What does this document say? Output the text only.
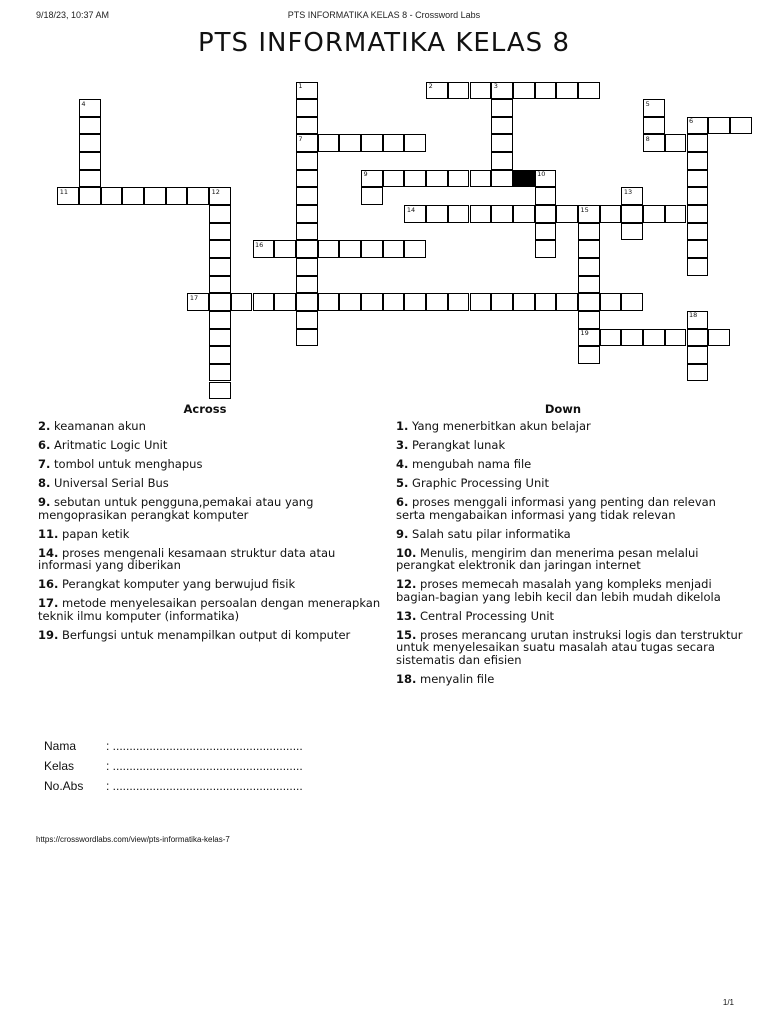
9/18/23, 10:37 AM	PTS INFORMATIKA KELAS 8 - Crossword Labs
PTS INFORMATIKA KELAS 8
1	2	3
4	5
6
7	8
9	10
11	12	13
14	15
16
17
18
19
Across	Down
2. keamanan akun
6. Aritmatic Logic Unit
7. tombol untuk menghapus
8. Universal Serial Bus
9. sebutan untuk pengguna,pemakai atau yang mengoprasikan perangkat komputer
11. papan ketik
14. proses mengenali kesamaan struktur data atau informasi yang diberikan
16. Perangkat komputer yang berwujud fisik
17. metode menyelesaikan persoalan dengan menerapkan teknik ilmu komputer (informatika)
19. Berfungsi untuk menampilkan output di komputer
1. Yang menerbitkan akun belajar
3. Perangkat lunak
4. mengubah nama file
5. Graphic Processing Unit
6. proses menggali informasi yang penting dan relevan serta mengabaikan informasi yang tidak relevan
9. Salah satu pilar informatika
10. Menulis, mengirim dan menerima pesan melalui perangkat elektronik dan jaringan internet
12. proses memecah masalah yang kompleks menjadi bagian-bagian yang lebih kecil dan lebih mudah dikelola
13. Central Processing Unit
15. proses merancang urutan instruksi logis dan terstruktur untuk menyelesaikan suatu masalah atau tugas secara sistematis dan efisien
18. menyalin file
Nama	: .........................................................
Kelas	: .........................................................
No.Abs	: .........................................................
https://crosswordlabs.com/view/pts-informatika-kelas-7
1/1
